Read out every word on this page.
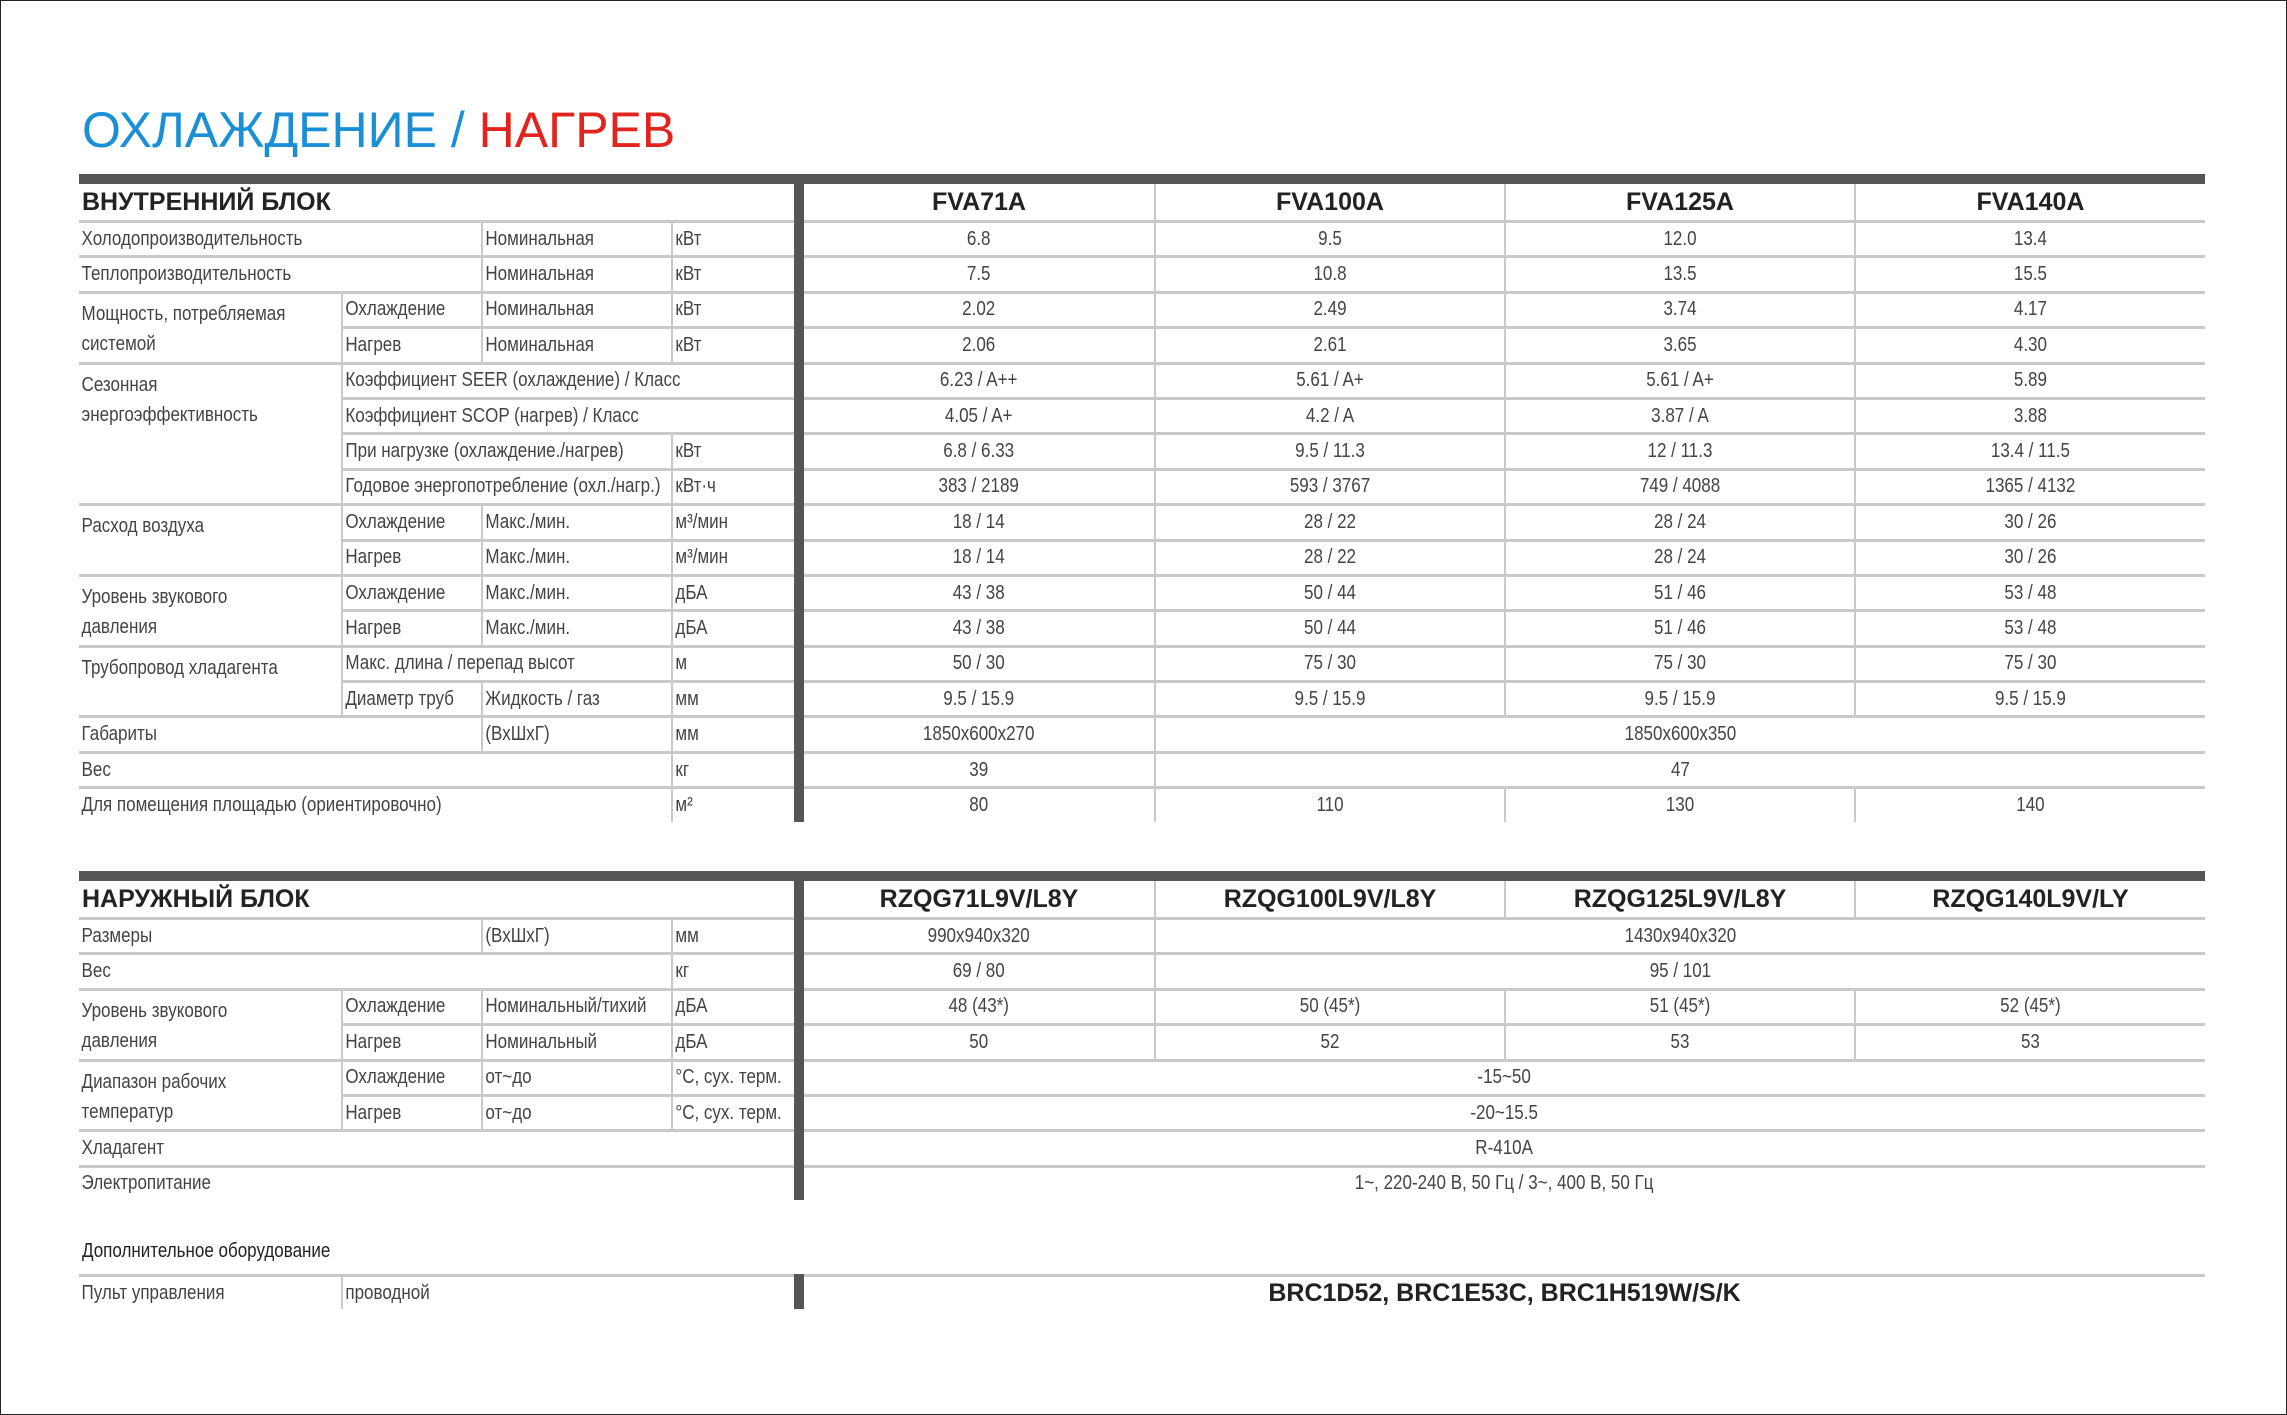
ОХЛАЖДЕНИЕ / НАГРЕВ
ВНУТРЕННИЙ БЛОК				FVA71A	FVA100A	FVA125A	FVA140A
Холодопроизводительность		Номинальная	кВт	6.8	9.5	12.0	13.4
Теплопроизводительность		Номинальная	кВт	7.5	10.8	13.5	15.5
Мощность, потребляемая системой	Охлаждение	Номинальная	кВт	2.02	2.49	3.74	4.17
	Нагрев	Номинальная	кВт	2.06	2.61	3.65	4.30
Сезонная энергоэффективность	Коэффициент SEER (охлаждение) / Класс			6.23 / A++	5.61 / A+	5.61 / A+	5.89
	Коэффициент SCOP (нагрев) / Класс			4.05 / A+	4.2 / A	3.87 / A	3.88
	При нагрузке (охлаждение./нагрев)		кВт	6.8 / 6.33	9.5 / 11.3	12 / 11.3	13.4 / 11.5
	Годовое энергопотребление (охл./нагр.)		кВт·ч	383 / 2189	593 / 3767	749 / 4088	1365 / 4132
Расход воздуха	Охлаждение	Макс./мин.	м³/мин	18 / 14	28 / 22	28 / 24	30 / 26
	Нагрев	Макс./мин.	м³/мин	18 / 14	28 / 22	28 / 24	30 / 26
Уровень звукового давления	Охлаждение	Макс./мин.	дБА	43 / 38	50 / 44	51 / 46	53 / 48
	Нагрев	Макс./мин.	дБА	43 / 38	50 / 44	51 / 46	53 / 48
Трубопровод хладагента	Макс. длина / перепад высот		м	50 / 30	75 / 30	75 / 30	75 / 30
	Диаметр труб	Жидкость / газ	мм	9.5 / 15.9	9.5 / 15.9	9.5 / 15.9	9.5 / 15.9
Габариты		(ВхШхГ)	мм	1850x600x270	1850x600x350		
Вес			кг	39	47		
Для помещения площадью (ориентировочно)			м²	80	110	130	140
НАРУЖНЫЙ БЛОК				RZQG71L9V/L8Y	RZQG100L9V/L8Y	RZQG125L9V/L8Y	RZQG140L9V/LY
Размеры		(ВхШхГ)	мм	990x940x320	1430x940x320		
Вес			кг	69 / 80	95 / 101		
Уровень звукового давления	Охлаждение	Номинальный/тихий	дБА	48 (43*)	50 (45*)	51 (45*)	52 (45*)
	Нагрев	Номинальный	дБА	50	52	53	53
Диапазон рабочих температур	Охлаждение	от~до	°C, сух. терм.	-15~50			
	Нагрев	от~до	°C, сух. терм.	-20~15.5			
Хладагент				R-410A			
Электропитание				1~, 220-240 В, 50 Гц / 3~, 400 В, 50 Гц			
Дополнительное оборудование
Пульт управления	проводной	BRC1D52, BRC1E53C, BRC1H519W/S/K
